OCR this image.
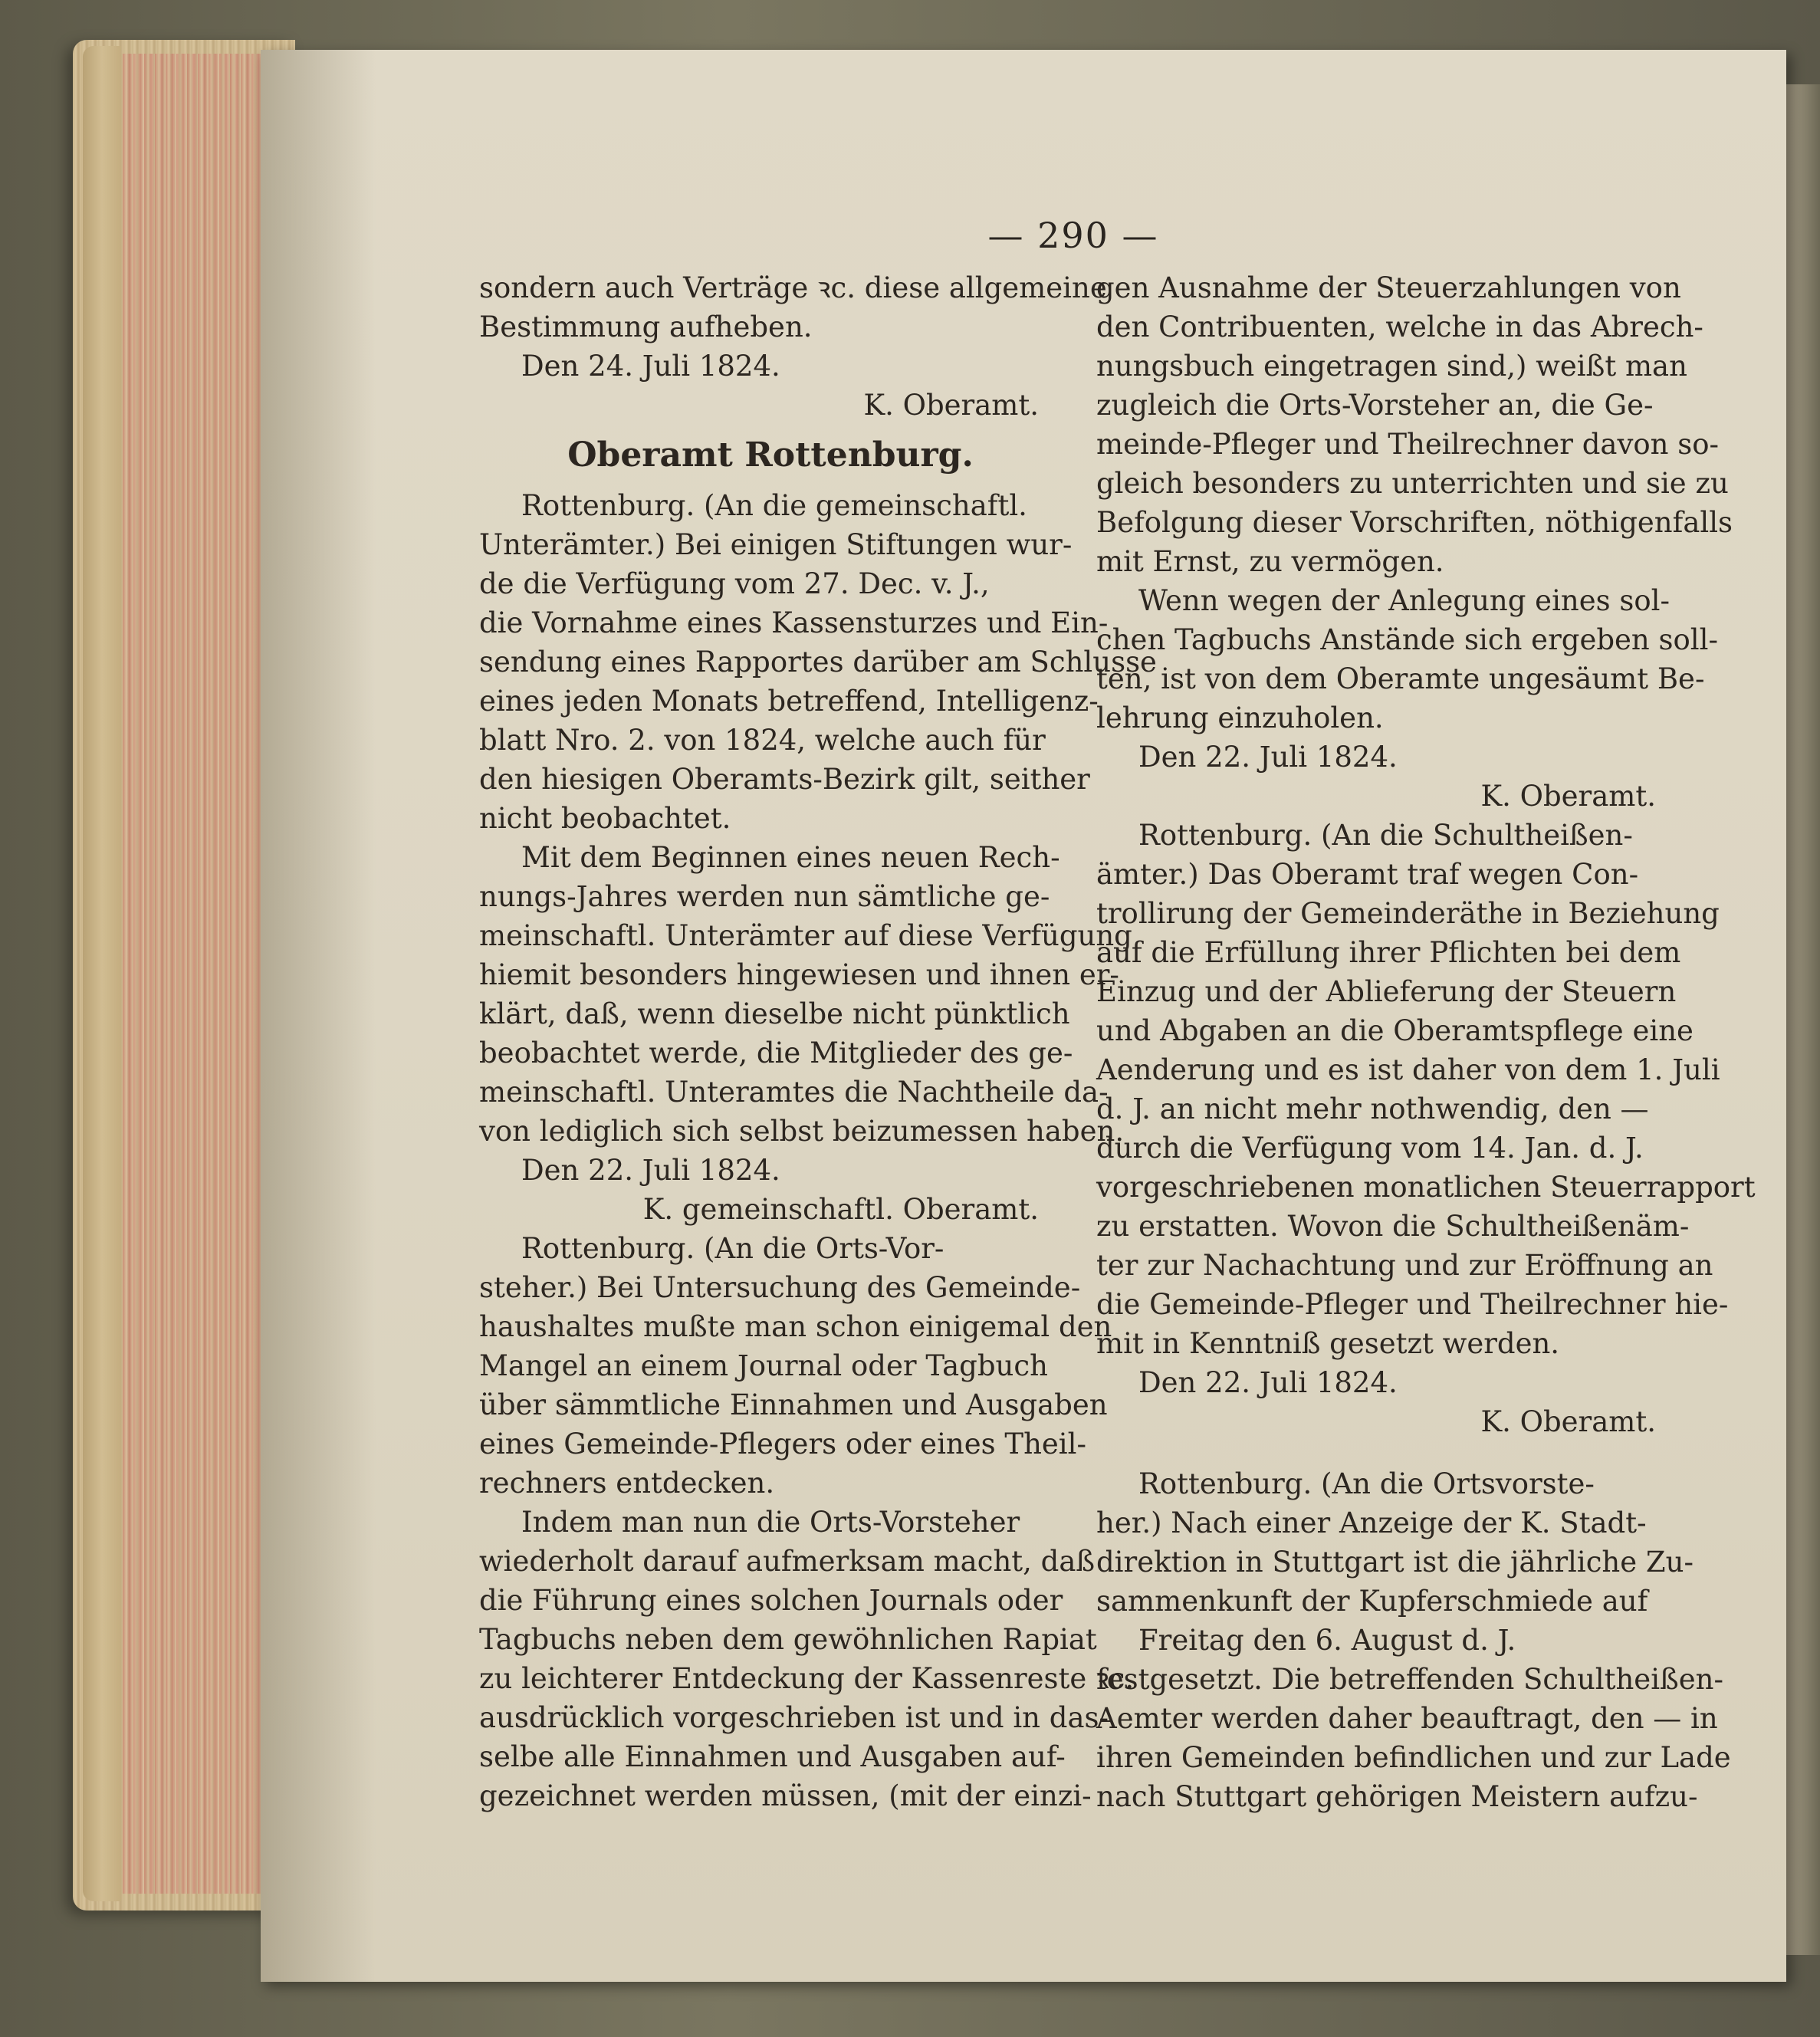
— 290 —
sondern auch Verträge ꝛc. diese allgemeine
Bestimmung aufheben.
Den 24. Juli 1824.
K. Oberamt.
Oberamt Rottenburg.
Rottenburg. (An die gemeinschaftl.
Unterämter.) Bei einigen Stiftungen wur-
de die Verfügung vom 27. Dec. v. J.,
die Vornahme eines Kassensturzes und Ein-
sendung eines Rapportes darüber am Schlusse
eines jeden Monats betreffend, Intelligenz-
blatt Nro. 2. von 1824, welche auch für
den hiesigen Oberamts-Bezirk gilt, seither
nicht beobachtet.
Mit dem Beginnen eines neuen Rech-
nungs-Jahres werden nun sämtliche ge-
meinschaftl. Unterämter auf diese Verfügung
hiemit besonders hingewiesen und ihnen er-
klärt, daß, wenn dieselbe nicht pünktlich
beobachtet werde, die Mitglieder des ge-
meinschaftl. Unteramtes die Nachtheile da-
von lediglich sich selbst beizumessen haben.
Den 22. Juli 1824.
K. gemeinschaftl. Oberamt.
Rottenburg. (An die Orts-Vor-
steher.) Bei Untersuchung des Gemeinde-
haushaltes mußte man schon einigemal den
Mangel an einem Journal oder Tagbuch
über sämmtliche Einnahmen und Ausgaben
eines Gemeinde-Pflegers oder eines Theil-
rechners entdecken.
Indem man nun die Orts-Vorsteher
wiederholt darauf aufmerksam macht, daß
die Führung eines solchen Journals oder
Tagbuchs neben dem gewöhnlichen Rapiat
zu leichterer Entdeckung der Kassenreste ꝛc.
ausdrücklich vorgeschrieben ist und in das-
selbe alle Einnahmen und Ausgaben auf-
gezeichnet werden müssen, (mit der einzi-
gen Ausnahme der Steuerzahlungen von
den Contribuenten, welche in das Abrech-
nungsbuch eingetragen sind,) weißt man
zugleich die Orts-Vorsteher an, die Ge-
meinde-Pfleger und Theilrechner davon so-
gleich besonders zu unterrichten und sie zu
Befolgung dieser Vorschriften, nöthigenfalls
mit Ernst, zu vermögen.
Wenn wegen der Anlegung eines sol-
chen Tagbuchs Anstände sich ergeben soll-
ten, ist von dem Oberamte ungesäumt Be-
lehrung einzuholen.
Den 22. Juli 1824.
K. Oberamt.
Rottenburg. (An die Schultheißen-
ämter.) Das Oberamt traf wegen Con-
trollirung der Gemeinderäthe in Beziehung
auf die Erfüllung ihrer Pflichten bei dem
Einzug und der Ablieferung der Steuern
und Abgaben an die Oberamtspflege eine
Aenderung und es ist daher von dem 1. Juli
d. J. an nicht mehr nothwendig, den —
durch die Verfügung vom 14. Jan. d. J.
vorgeschriebenen monatlichen Steuerrapport
zu erstatten. Wovon die Schultheißenäm-
ter zur Nachachtung und zur Eröffnung an
die Gemeinde-Pfleger und Theilrechner hie-
mit in Kenntniß gesetzt werden.
Den 22. Juli 1824.
K. Oberamt.
Rottenburg. (An die Ortsvorste-
her.) Nach einer Anzeige der K. Stadt-
direktion in Stuttgart ist die jährliche Zu-
sammenkunft der Kupferschmiede auf
Freitag den 6. August d. J.
festgesetzt. Die betreffenden Schultheißen-
Aemter werden daher beauftragt, den — in
ihren Gemeinden befindlichen und zur Lade
nach Stuttgart gehörigen Meistern aufzu-
